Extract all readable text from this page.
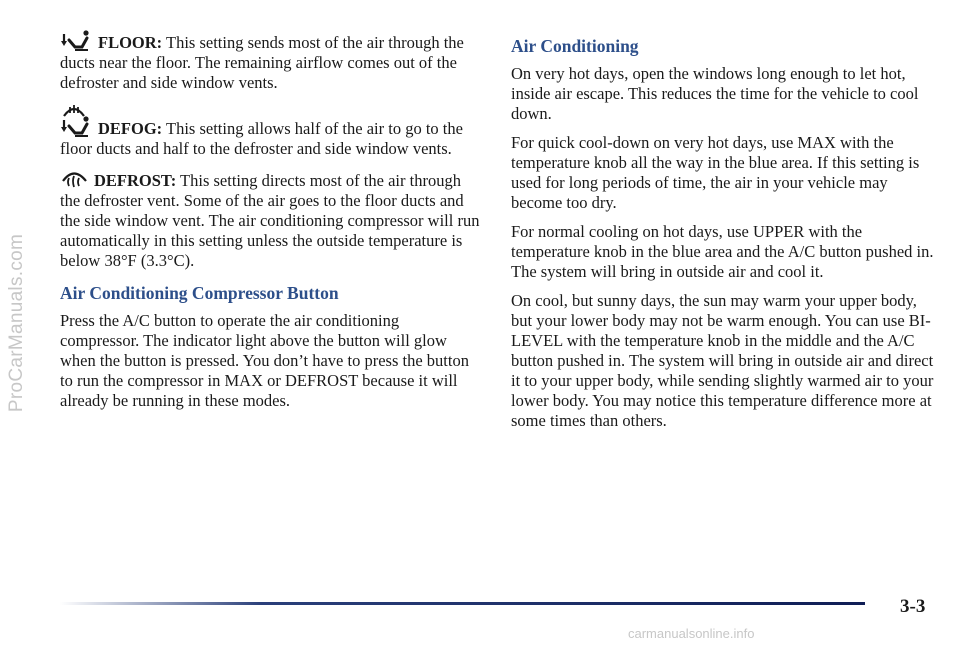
ProCarManuals.com

FLOOR: This setting sends most of the air through the ducts near the floor. The remaining airflow comes out of the defroster and side window vents.

DEFOG: This setting allows half of the air to go to the floor ducts and half to the defroster and side window vents.

DEFROST: This setting directs most of the air through the defroster vent. Some of the air goes to the floor ducts and the side window vent. The air conditioning compressor will run automatically in this setting unless the outside temperature is below 38°F (3.3°C).

Air Conditioning Compressor Button

Press the A/C button to operate the air conditioning compressor. The indicator light above the button will glow when the button is pressed. You don’t have to press the button to run the compressor in MAX or DEFROST because it will already be running in these modes.

Air Conditioning

On very hot days, open the windows long enough to let hot, inside air escape. This reduces the time for the vehicle to cool down.

For quick cool-down on very hot days, use MAX with the temperature knob all the way in the blue area. If this setting is used for long periods of time, the air in your vehicle may become too dry.

For normal cooling on hot days, use UPPER with the temperature knob in the blue area and the A/C button pushed in. The system will bring in outside air and cool it.

On cool, but sunny days, the sun may warm your upper body, but your lower body may not be warm enough. You can use BI-LEVEL with the temperature knob in the middle and the A/C button pushed in. The system will bring in outside air and direct it to your upper body, while sending slightly warmed air to your lower body. You may notice this temperature difference more at some times than others.

3-3
carmanualsonline.info
